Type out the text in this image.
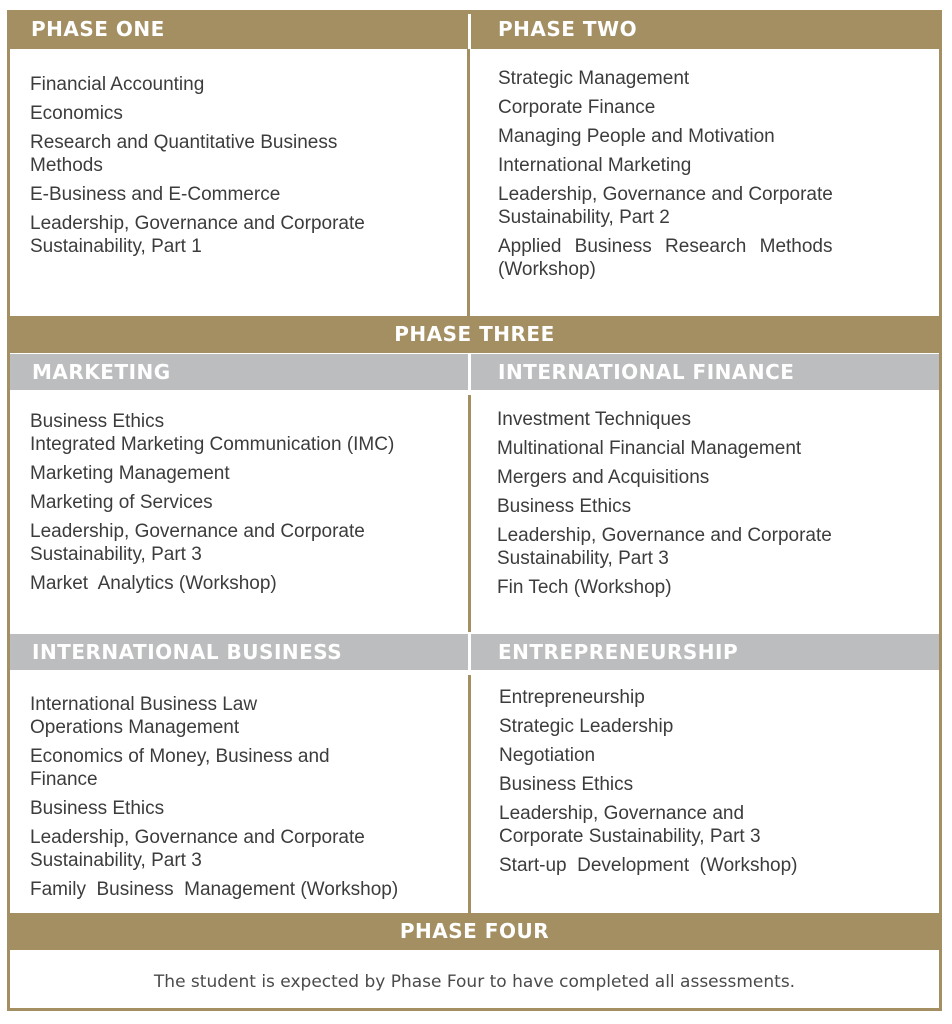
PHASE ONE	PHASE TWO
Financial Accounting
Economics
Research and Quantitative Business Methods
E-Business and E-Commerce
Leadership, Governance and Corporate Sustainability, Part 1
Strategic Management
Corporate Finance
Managing People and Motivation
International Marketing
Leadership, Governance and Corporate Sustainability, Part 2
Applied Business Research Methods (Workshop)
PHASE THREE
MARKETING	INTERNATIONAL FINANCE
Business Ethics
Integrated Marketing Communication (IMC)
Marketing Management
Marketing of Services
Leadership, Governance and Corporate Sustainability, Part 3
Market  Analytics (Workshop)
Investment Techniques
Multinational Financial Management
Mergers and Acquisitions
Business Ethics
Leadership, Governance and Corporate Sustainability, Part 3
Fin Tech (Workshop)
INTERNATIONAL BUSINESS	ENTREPRENEURSHIP
International Business Law
Operations Management
Economics of Money, Business and Finance
Business Ethics
Leadership, Governance and Corporate Sustainability, Part 3
Family  Business  Management (Workshop)
Entrepreneurship
Strategic Leadership
Negotiation
Business Ethics
Leadership, Governance and Corporate Sustainability, Part 3
Start-up  Development  (Workshop)
PHASE FOUR
The student is expected by Phase Four to have completed all assessments.
